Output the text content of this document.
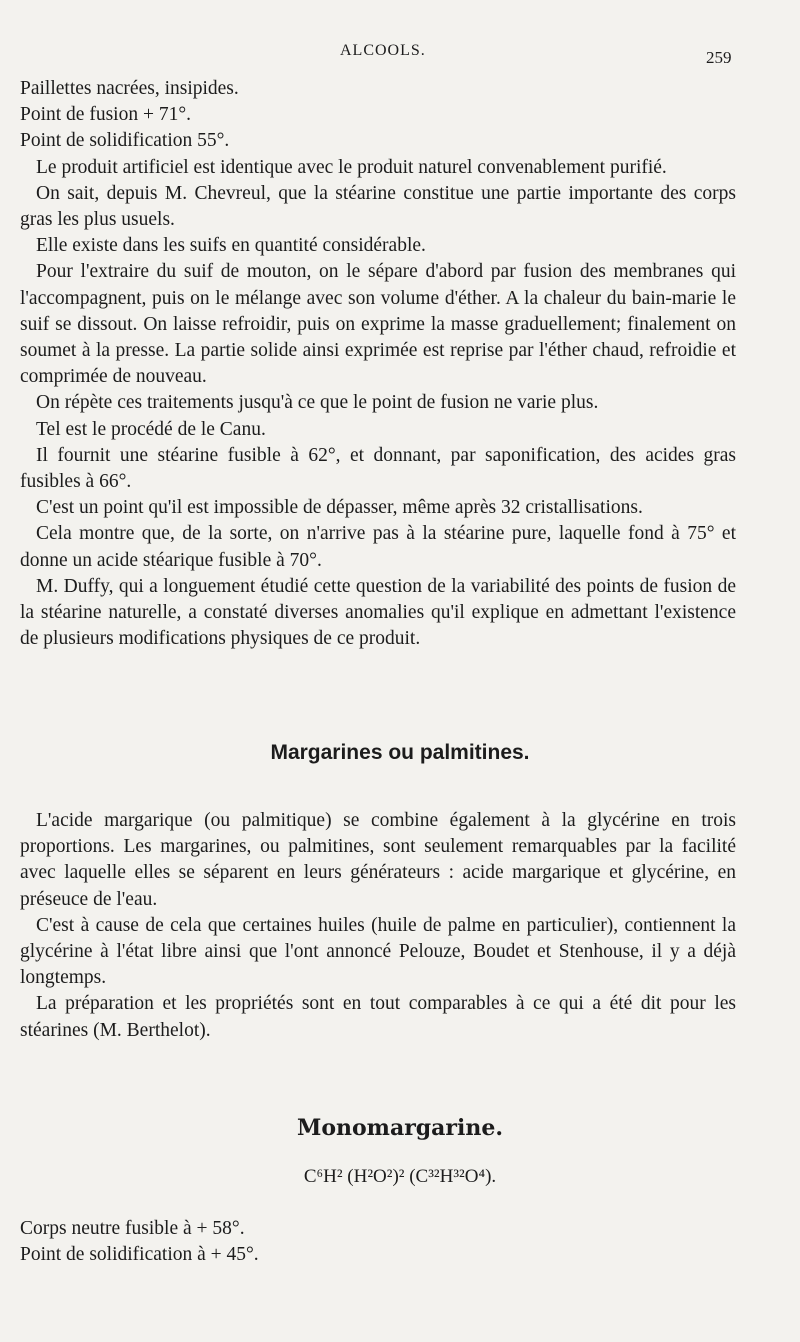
ALCOOLS.	259

Paillettes nacrées, insipides.

Point de fusion + 71°.

Point de solidification 55°.

Le produit artificiel est identique avec le produit naturel convenablement purifié.

On sait, depuis M. Chevreul, que la stéarine constitue une partie importante des corps gras les plus usuels.

Elle existe dans les suifs en quantité considérable.

Pour l'extraire du suif de mouton, on le sépare d'abord par fusion des membranes qui l'accompagnent, puis on le mélange avec son volume d'éther. A la chaleur du bain-marie le suif se dissout. On laisse refroidir, puis on exprime la masse graduellement; finalement on soumet à la presse. La partie solide ainsi exprimée est reprise par l'éther chaud, refroidie et comprimée de nouveau.

On répète ces traitements jusqu'à ce que le point de fusion ne varie plus.

Tel est le procédé de le Canu.

Il fournit une stéarine fusible à 62°, et donnant, par saponification, des acides gras fusibles à 66°.

C'est un point qu'il est impossible de dépasser, même après 32 cristallisations.

Cela montre que, de la sorte, on n'arrive pas à la stéarine pure, laquelle fond à 75° et donne un acide stéarique fusible à 70°.

M. Duffy, qui a longuement étudié cette question de la variabilité des points de fusion de la stéarine naturelle, a constaté diverses anomalies qu'il explique en admettant l'existence de plusieurs modifications physiques de ce produit.

Margarines ou palmitines.

L'acide margarique (ou palmitique) se combine également à la glycérine en trois proportions. Les margarines, ou palmitines, sont seulement remarquables par la facilité avec laquelle elles se séparent en leurs générateurs : acide margarique et glycérine, en préseuce de l'eau.

C'est à cause de cela que certaines huiles (huile de palme en particulier), contiennent la glycérine à l'état libre ainsi que l'ont annoncé Pelouze, Boudet et Stenhouse, il y a déjà longtemps.

La préparation et les propriétés sont en tout comparables à ce qui a été dit pour les stéarines (M. Berthelot).

Monomargarine.
C⁶H² (H²O²)² (C³²H³²O⁴).

Corps neutre fusible à + 58°.

Point de solidification à + 45°.
